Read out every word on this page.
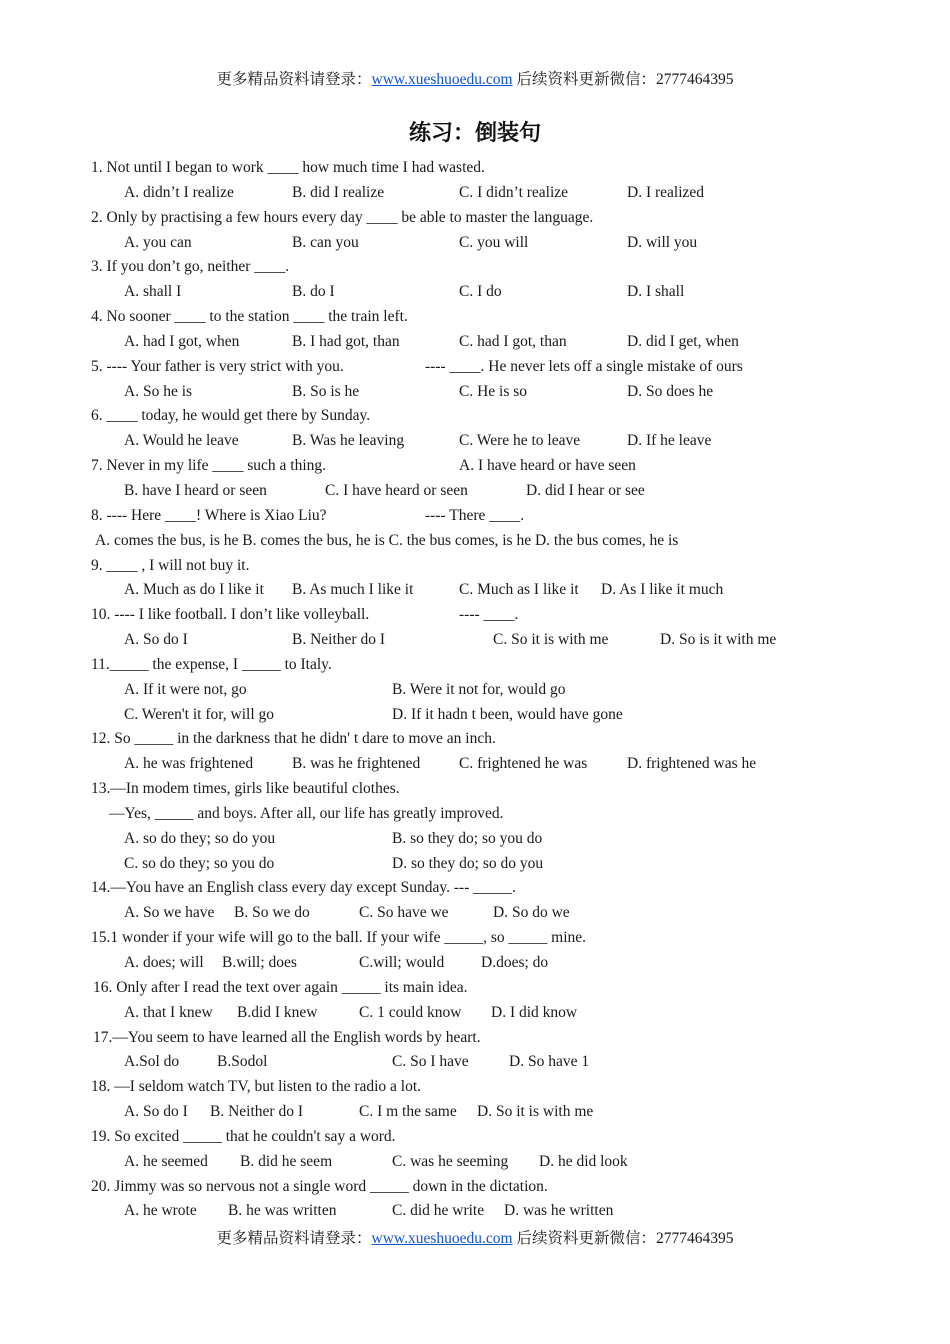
更多精品资料请登录：www.xueshuoedu.com 后续资料更新微信：2777464395
练习：倒装句
1. Not until I began to work ____ how much time I had wasted.
A. didn’t I realize	B. did I realize	C. I didn’t realize	D. I realized
2. Only by practising a few hours every day ____ be able to master the language.
A. you can	B. can you	C. you will	D. will you
3. If you don’t go, neither ____.
A. shall I	B. do I	C. I do	D. I shall
4. No sooner ____ to the station ____ the train left.
A. had I got, when	B. I had got, than	C. had I got, than	D. did I get, when
5. ---- Your father is very strict with you.	---- ____. He never lets off a single mistake of ours
A. So he is	B. So is he	C. He is so	D. So does he
6. ____ today, he would get there by Sunday.
A. Would he leave	B. Was he leaving	C. Were he to leave	D. If he leave
7. Never in my life ____ such a thing.	A. I have heard or have seen
B. have I heard or seen	C. I have heard or seen	D. did I hear or see
8. ---- Here ____! Where is Xiao Liu?	---- There ____.
A. comes the bus, is he B. comes the bus, he is C. the bus comes, is he D. the bus comes, he is
9. ____ , I will not buy it.
A. Much as do I like it B. As much I like it	C. Much as I like it D. As I like it much
10. ---- I like football. I don’t like volleyball.	---- ____.
A. So do I	B. Neither do I	C. So it is with me	D. So is it with me
11._____ the expense, I _____ to Italy.
A. If it were not, go	B. Were it not for, would go
C. Weren't it for, will go	D. If it hadn t been, would have gone
12. So _____ in the darkness that he didn' t dare to move an inch.
A. he was frightened	B. was he frightened C. frightened he was	D. frightened was he
13.—In modem times, girls like beautiful clothes.
—Yes, _____ and boys. After all, our life has greatly improved.
A. so do they; so do you	B. so they do; so you do
C. so do they; so you do	D. so they do; so do you
14.—You have an English class every day except Sunday. --- _____.
A. So we have B. So we do	C. So have we	D. So do we
15.1 wonder if your wife will go to the ball. If your wife _____, so _____ mine.
A. does; will B.will; does	C.will; would D.does; do
16. Only after I read the text over again _____ its main idea.
A. that I knew B.did I knew	C. 1 could know D. I did know
17.—You seem to have learned all the English words by heart.
A.Sol do B.Sodol	C. So I have	D. So have 1
18. —I seldom watch TV, but listen to the radio a lot.
A. So do I B. Neither do I	C. I m the same D. So it is with me
19. So excited _____ that he couldn't say a word.
A. he seemed B. did he seem	C. was he seeming D. he did look
20. Jimmy was so nervous not a single word _____ down in the dictation.
A. he wrote B. he was written	C. did he write D. was he written
更多精品资料请登录：www.xueshuoedu.com 后续资料更新微信：2777464395
